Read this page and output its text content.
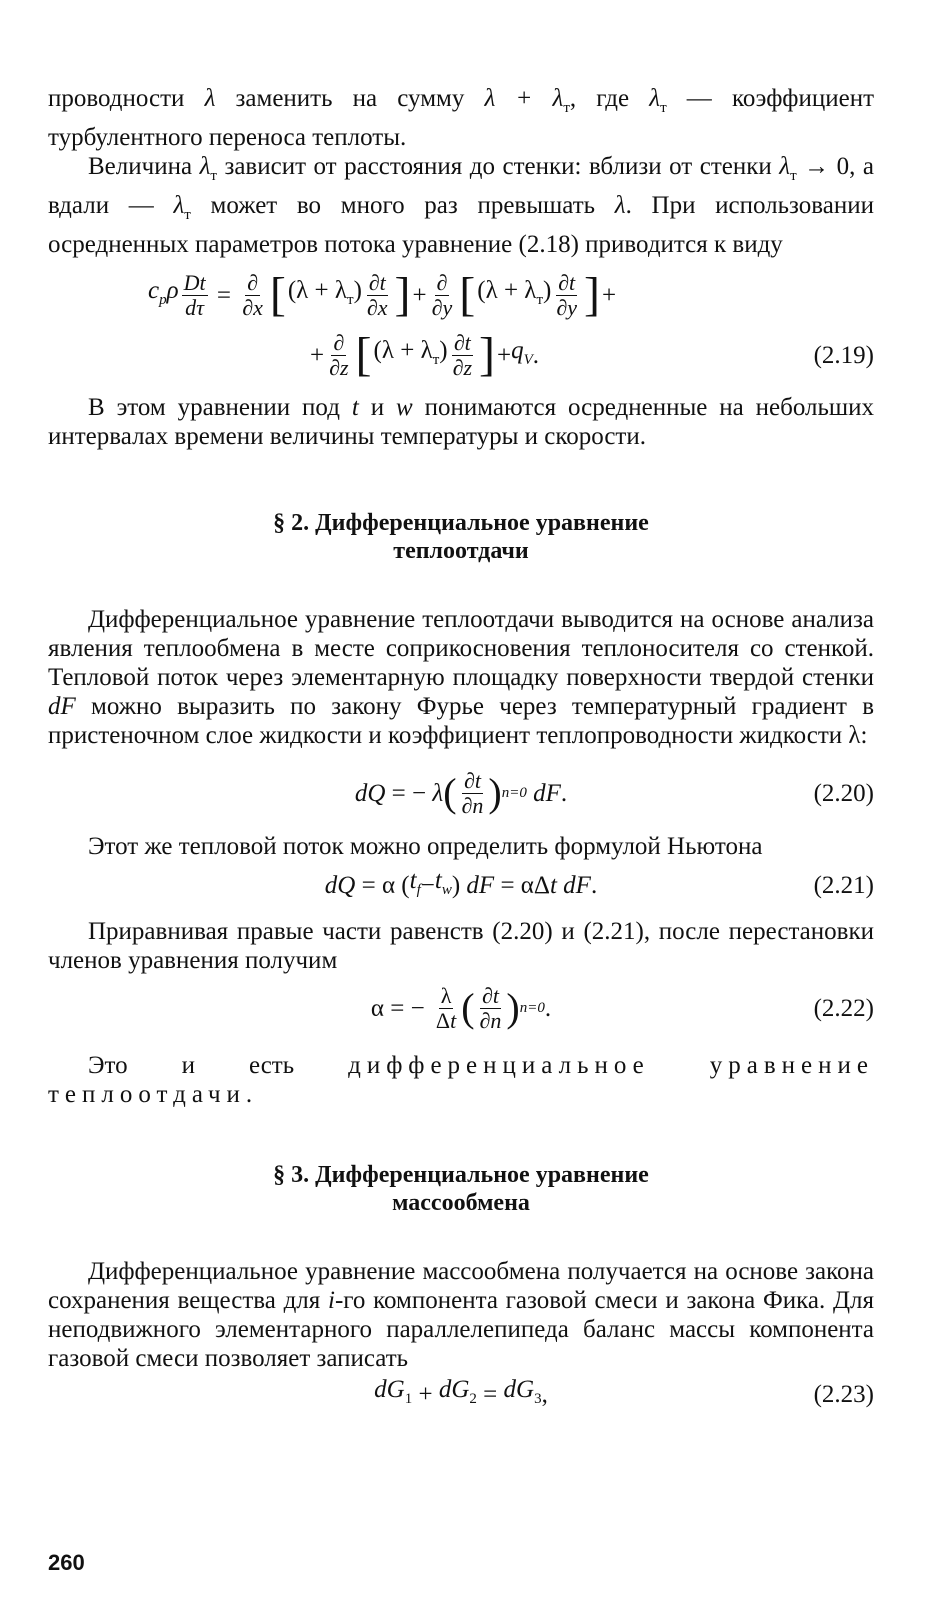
проводности λ заменить на сумму $\lambda + \lambda_т$, где $\lambda_т$ — коэффициент турбулентного переноса теплоты.

Величина $\lambda_т$ зависит от расстояния до стенки: вблизи от стенки $\lambda_т \to 0$, а вдали — $\lambda_т$ может во много раз превышать λ. При использовании осредненных параметров потока уравнение (2.18) приводится к виду

$c_p\rho \frac{Dt}{d\tau} = \frac{\partial}{\partial x}$ [ $(\lambda + \lambda_т) \frac{\partial t}{\partial x}$ ] + $\frac{\partial}{\partial y}$ [ $(\lambda + \lambda_т) \frac{\partial t}{\partial y}$ ] +
+ $\frac{\partial}{\partial z}$ [ $(\lambda + \lambda_т) \frac{\partial t}{\partial z}$ ] + $q_V$ .	(2.19)

В этом уравнении под t и w понимаются осредненные на небольших интервалах времени величины температуры и скорости.

§ 2. Дифференциальное уравнение
теплоотдачи

Дифференциальное уравнение теплоотдачи выводится на основе анализа явления теплообмена в месте соприкосновения теплоносителя со стенкой. Тепловой поток через элементарную площадку поверхности твердой стенки dF можно выразить по закону Фурье через температурный градиент в пристеночном слое жидкости и коэффициент теплопроводности жидкости λ:

dQ = − λ ( $\frac{\partial t}{\partial n}$ ) n=0 dF .	(2.20)

Этот же тепловой поток можно определить формулой Ньютона

dQ = α ( $t_f - t_w$ ) dF = αΔ t dF .	(2.21)

Приравнивая правые части равенств (2.20) и (2.21), после перестановки членов уравнения получим

α = − $\frac{\lambda}{\Delta t}$ ( $\frac{\partial t}{\partial n}$ ) n=0 .	(2.22)

Это и есть дифференциальное уравнение теплоотдачи.

§ 3. Дифференциальное уравнение
массообмена

Дифференциальное уравнение массообмена получается на основе закона сохранения вещества для i-го компонента газовой смеси и закона Фика. Для неподвижного элементарного параллелепипеда баланс массы компонента газовой смеси позволяет записать

$dG_1 + dG_2 = dG_3$ ,	(2.23)
260
